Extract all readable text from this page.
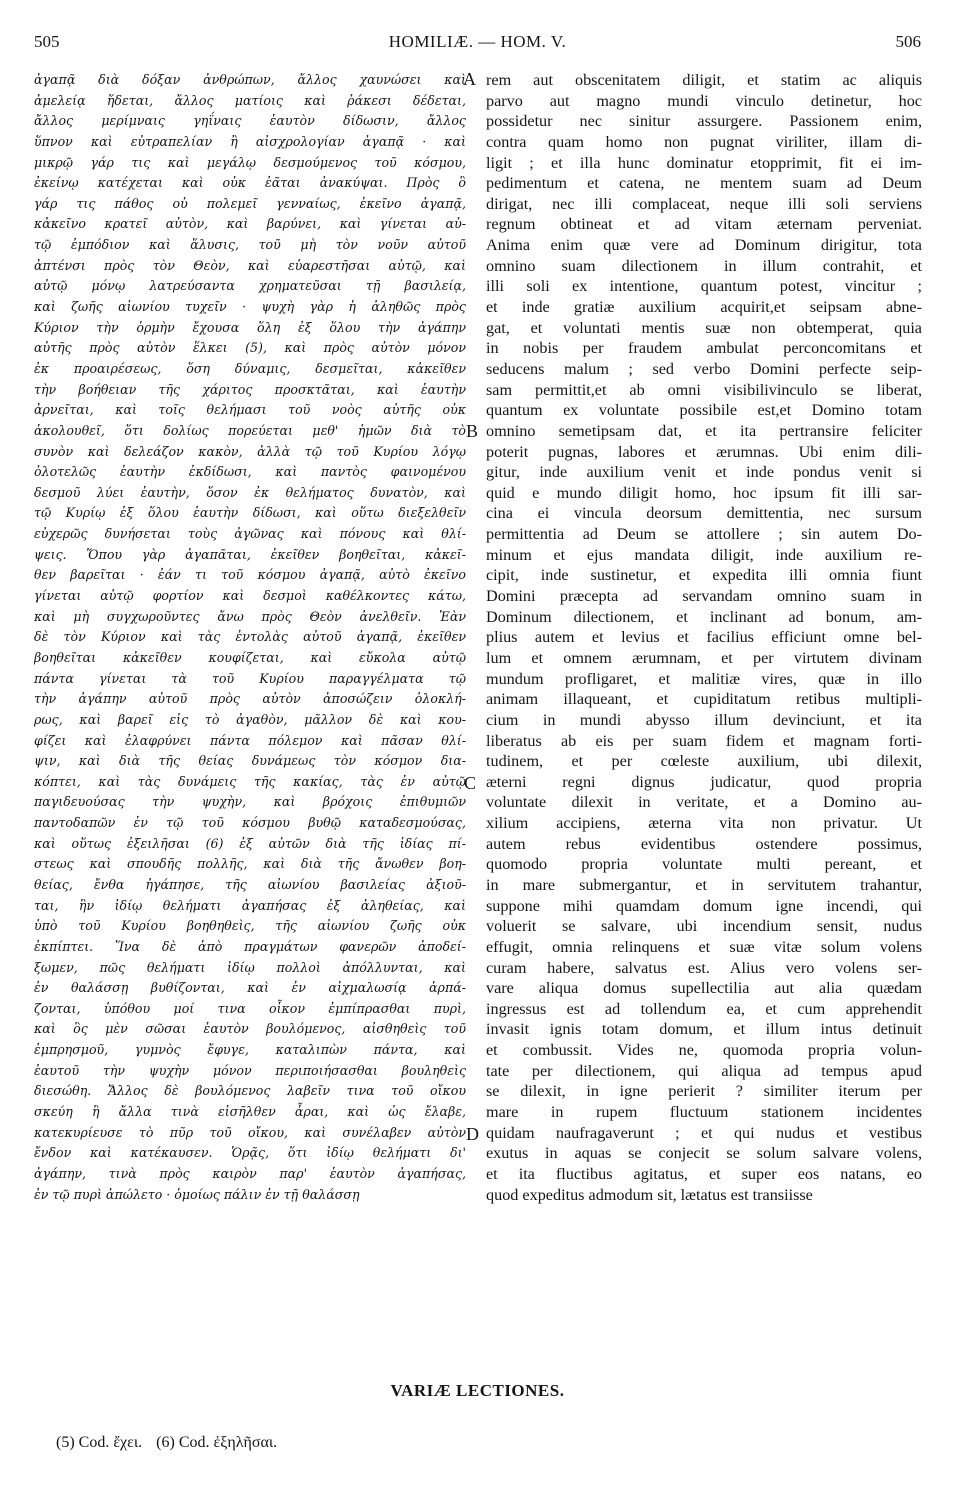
505	HOMILIÆ. — HOM. V.	506
ἀγαπᾷ διὰ δόξαν ἀνθρώπων, ἄλλος χαυνώσει καὶ
ἀμελείᾳ ἥδεται, ἄλλος ματίοις καὶ ῥάκεσι δέδεται,
ἄλλος μερίμναις γηΐναις ἑαυτὸν δίδωσιν, ἄλλος
ὕπνον καὶ εὐτραπελίαν ἢ αἰσχρολογίαν ἀγαπᾷ · καὶ
μικρῷ γάρ τις καὶ μεγάλῳ δεσμούμενος τοῦ κόσμου,
ἐκείνῳ κατέχεται καὶ οὐκ ἐᾶται ἀνακύψαι. Πρὸς ὃ
γάρ τις πάθος οὐ πολεμεῖ γενναίως, ἐκεῖνο ἀγαπᾷ,
κἀκεῖνο κρατεῖ αὐτὸν, καὶ βαρύνει, καὶ γίνεται αὐ-
τῷ ἐμπόδιον καὶ ἅλυσις, τοῦ μὴ τὸν νοῦν αὐτοῦ
ἀπτένσι πρὸς τὸν Θεὸν, καὶ εὐαρεστῆσαι αὐτῷ, καὶ
αὐτῷ μόνῳ λατρεύσαντα χρηματεῦσαι τῇ βασιλείᾳ,
καὶ ζωῆς αἰωνίου τυχεῖν · ψυχὴ γὰρ ἡ ἀληθῶς πρὸς
Κύριον τὴν ὁρμὴν ἔχουσα ὅλη ἐξ ὅλου τὴν ἀγάπην
αὐτῆς πρὸς αὐτὸν ἕλκει (5), καὶ πρὸς αὐτὸν μόνον
ἐκ προαιρέσεως, ὅση δύναμις, δεσμεῖται, κἀκεῖθεν
τὴν βοήθειαν τῆς χάριτος προσκτᾶται, καὶ ἑαυτὴν
ἀρνεῖται, καὶ τοῖς θελήμασι τοῦ νοὸς αὐτῆς οὐκ
ἀκολουθεῖ, ὅτι δολίως πορεύεται μεθ' ἡμῶν διὰ τὸ
συνὸν καὶ δελεάζον κακὸν, ἀλλὰ τῷ τοῦ Κυρίου λόγῳ
ὁλοτελῶς ἑαυτὴν ἐκδίδωσι, καὶ παντὸς φαινομένου
δεσμοῦ λύει ἑαυτὴν, ὅσον ἐκ θελήματος δυνατὸν, καὶ
τῷ Κυρίῳ ἐξ ὅλου ἑαυτὴν δίδωσι, καὶ οὕτω διεξελθεῖν
εὐχερῶς δυνήσεται τοὺς ἀγῶνας καὶ πόνους καὶ θλί-
ψεις. Ὅπου γὰρ ἀγαπᾶται, ἐκεῖθεν βοηθεῖται, κἀκεῖ-
θεν βαρεῖται · ἐάν τι τοῦ κόσμου ἀγαπᾷ, αὐτὸ ἐκεῖνο
γίνεται αὐτῷ φορτίον καὶ δεσμοὶ καθέλκοντες κάτω,
καὶ μὴ συγχωροῦντες ἄνω πρὸς Θεὸν ἀνελθεῖν. Ἐὰν
δὲ τὸν Κύριον καὶ τὰς ἐντολὰς αὐτοῦ ἀγαπᾷ, ἐκεῖθεν
βοηθεῖται κἀκεῖθεν κουφίζεται, καὶ εὔκολα αὐτῷ
πάντα γίνεται τὰ τοῦ Κυρίου παραγγέλματα τῷ
τὴν ἀγάπην αὐτοῦ πρὸς αὐτὸν ἀποσώζειν ὁλοκλή-
ρως, καὶ βαρεῖ εἰς τὸ ἀγαθὸν, μᾶλλον δὲ καὶ κου-
φίζει καὶ ἐλαφρύνει πάντα πόλεμον καὶ πᾶσαν θλί-
ψιν, καὶ διὰ τῆς θείας δυνάμεως τὸν κόσμον δια-
κόπτει, καὶ τὰς δυνάμεις τῆς κακίας, τὰς ἐν αὐτῷ
παγιδευούσας τὴν ψυχὴν, καὶ βρόχοις ἐπιθυμιῶν
παντοδαπῶν ἐν τῷ τοῦ κόσμου βυθῷ καταδεσμούσας,
καὶ οὕτως ἐξειλῆσαι (6) ἐξ αὐτῶν διὰ τῆς ἰδίας πί-
στεως καὶ σπουδῆς πολλῆς, καὶ διὰ τῆς ἄνωθεν βοη-
θείας, ἔνθα ἠγάπησε, τῆς αἰωνίου βασιλείας ἀξιοῦ-
ται, ἣν ἰδίῳ θελήματι ἀγαπήσας ἐξ ἀληθείας, καὶ
ὑπὸ τοῦ Κυρίου βοηθηθεὶς, τῆς αἰωνίου ζωῆς οὐκ
ἐκπίπτει. Ἵνα δὲ ἀπὸ πραγμάτων φανερῶν ἀποδεί-
ξωμεν, πῶς θελήματι ἰδίῳ πολλοὶ ἀπόλλυνται, καὶ
ἐν θαλάσσῃ βυθίζονται, καὶ ἐν αἰχμαλωσίᾳ ἁρπά-
ζονται, ὑπόθου μοί τινα οἶκον ἐμπίπρασθαι πυρὶ,
καὶ ὃς μὲν σῶσαι ἑαυτὸν βουλόμενος, αἰσθηθεὶς τοῦ
ἐμπρησμοῦ, γυμνὸς ἔφυγε, καταλιπὼν πάντα, καὶ
ἑαυτοῦ τὴν ψυχὴν μόνον περιποιήσασθαι βουληθεὶς
διεσώθη. Ἄλλος δὲ βουλόμενος λαβεῖν τινα τοῦ οἴκου
σκεύη ἢ ἄλλα τινὰ εἰσῆλθεν ἆραι, καὶ ὡς ἔλαβε,
κατεκυρίευσε τὸ πῦρ τοῦ οἴκου, καὶ συνέλαβεν αὐτὸν
ἔνδον καὶ κατέκαυσεν. Ὁρᾷς, ὅτι ἰδίῳ θελήματι δι'
ἀγάπην, τινὰ πρὸς καιρὸν παρ' ἑαυτὸν ἀγαπήσας,
ἐν τῷ πυρὶ ἀπώλετο · ὁμοίως πάλιν ἐν τῇ θαλάσσῃ
rem aut obscenitatem diligit, et statim ac aliquis
parvo aut magno mundi vinculo detinetur, hoc
possidetur nec sinitur assurgere. Passionem enim,
contra quam homo non pugnat viriliter, illam di-
ligit ; et illa hunc dominatur etopprimit, fit ei im-
pedimentum et catena, ne mentem suam ad Deum
dirigat, nec illi complaceat, neque illi soli serviens
regnum obtineat et ad vitam æternam perveniat.
Anima enim quæ vere ad Dominum dirigitur, tota
omnino suam dilectionem in illum contrahit, et
illi soli ex intentione, quantum potest, vincitur ;
et inde gratiæ auxilium acquirit,et seipsam abne-
gat, et voluntati mentis suæ non obtemperat, quia
in nobis per fraudem ambulat perconcomitans et
seducens malum ; sed verbo Domini perfecte seip-
sam permittit,et ab omni visibilivinculo se liberat,
quantum ex voluntate possibile est,et Domino totam
omnino semetipsam dat, et ita pertransire feliciter
poterit pugnas, labores et ærumnas. Ubi enim dili-
gitur, inde auxilium venit et inde pondus venit si
quid e mundo diligit homo, hoc ipsum fit illi sar-
cina ei vincula deorsum demittentia, nec sursum
permittentia ad Deum se attollere ; sin autem Do-
minum et ejus mandata diligit, inde auxilium re-
cipit, inde sustinetur, et expedita illi omnia fiunt
Domini præcepta ad servandam omnino suam in
Dominum dilectionem, et inclinant ad bonum, am-
plius autem et levius et facilius efficiunt omne bel-
lum et omnem ærumnam, et per virtutem divinam
mundum profligaret, et malitiæ vires, quæ in illo
animam illaqueant, et cupiditatum retibus multipli-
cium in mundi abysso illum devinciunt, et ita
liberatus ab eis per suam fidem et magnam forti-
tudinem, et per cœleste auxilium, ubi dilexit,
æterni regni dignus judicatur, quod propria
voluntate dilexit in veritate, et a Domino au-
xilium accipiens, æterna vita non privatur. Ut
autem rebus evidentibus ostendere possimus,
quomodo propria voluntate multi pereant, et
in mare submergantur, et in servitutem trahantur,
suppone mihi quamdam domum igne incendi, qui
voluerit se salvare, ubi incendium sensit, nudus
effugit, omnia relinquens et suæ vitæ solum volens
curam habere, salvatus est. Alius vero volens ser-
vare aliqua domus supellectilia aut alia quædam
ingressus est ad tollendum ea, et cum apprehendit
invasit ignis totam domum, et illum intus detinuit
et combussit. Vides ne, quomoda propria volun-
tate per dilectionem, qui aliqua ad tempus apud
se dilexit, in igne perierit ? similiter iterum per
mare in rupem fluctuum stationem incidentes
quidam naufragaverunt ; et qui nudus et vestibus
exutus in aquas se conjecit se solum salvare volens,
et ita fluctibus agitatus, et super eos natans, eo
quod expeditus admodum sit, lætatus est transiisse
A
B
C
D
VARIÆ LECTIONES.
(5) Cod. ἔχει. (6) Cod. ἐξηλῆσαι.
